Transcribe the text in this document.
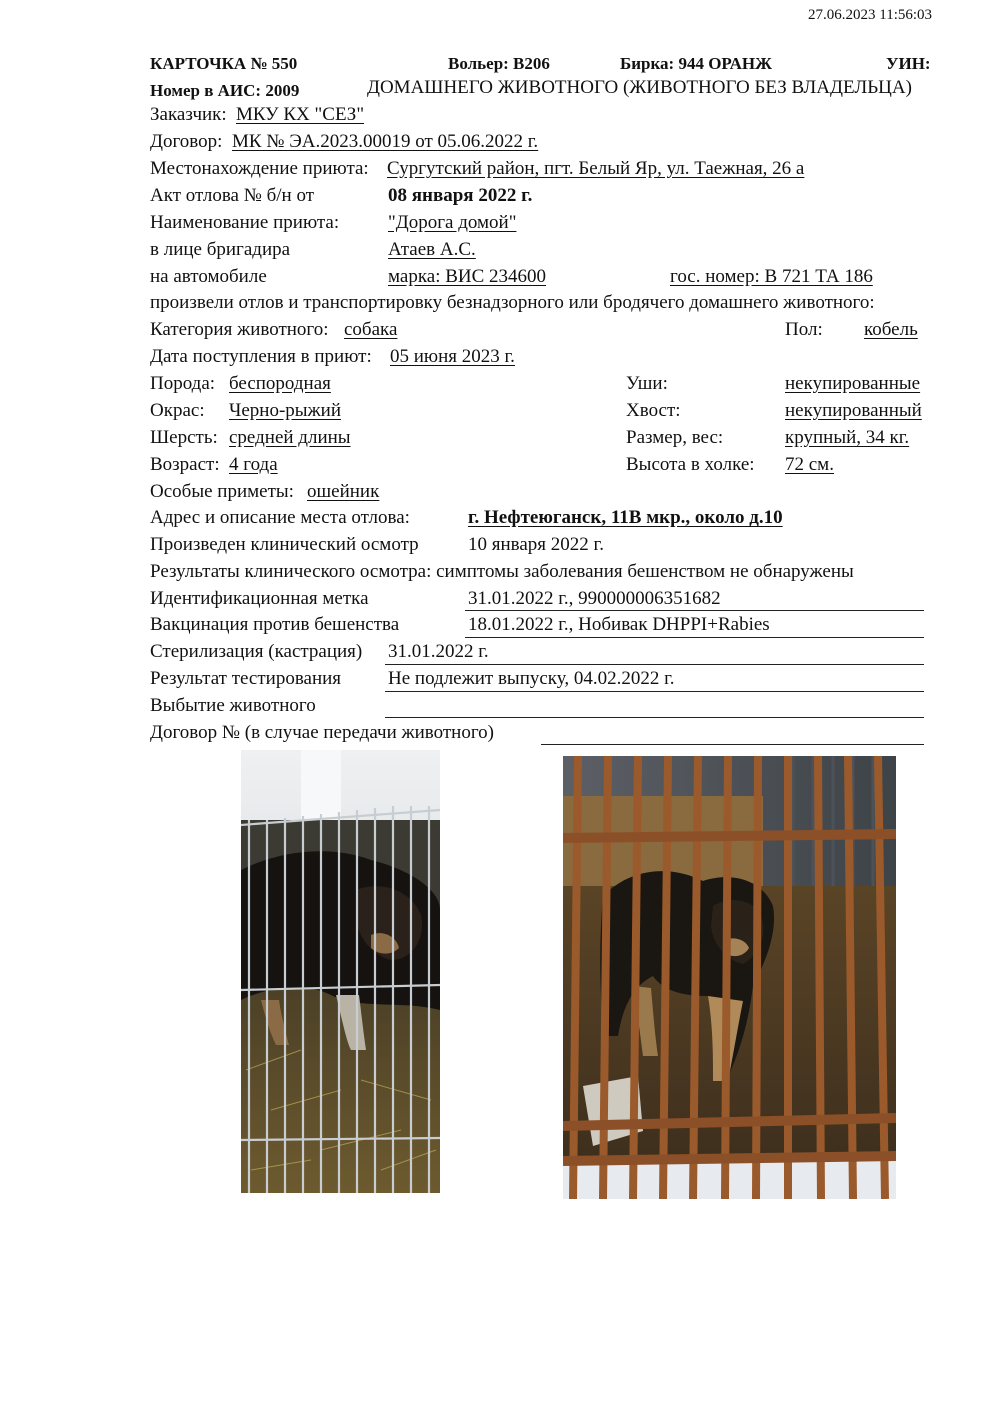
27.06.2023 11:56:03
КАРТОЧКА № 550	Вольер: В206	Бирка: 944 ОРАНЖ	УИН:
Номер в АИС: 2009	ДОМАШНЕГО ЖИВОТНОГО (ЖИВОТНОГО БЕЗ ВЛАДЕЛЬЦА)
Заказчик: МКУ КХ "СЕЗ"
Договор: МК № ЭА.2023.00019 от 05.06.2022 г.
Местонахождение приюта: Сургутский район, пгт. Белый Яр, ул. Таежная, 26 а
Акт отлова № б/н от	08 января 2022 г.
Наименование приюта:	"Дорога домой"
в лице бригадира	Атаев А.С.
на автомобиле	марка: ВИС 234600	гос. номер: В 721 ТА 186
произвели отлов и транспортировку безнадзорного или бродячего домашнего животного:
Категория животного: собака	Пол: кобель
Дата поступления в приют: 05 июня 2023 г.
Порода: беспородная	Уши:	некупированные
Окрас: Черно-рыжий	Хвост:	некупированный
Шерсть: средней длины	Размер, вес:	крупный, 34 кг.
Возраст: 4 года	Высота в холке: 72 см.
Особые приметы: ошейник
Адрес и описание места отлова:	г. Нефтеюганск, 11В мкр., около д.10
Произведен клинический осмотр	10 января 2022 г.
Результаты клинического осмотра: симптомы заболевания бешенством не обнаружены
Идентификационная метка	31.01.2022 г., 990000006351682
Вакцинация против бешенства	18.01.2022 г., Нобивак DHPPI+Rabies
Стерилизация (кастрация) 31.01.2022 г.
Результат тестирования Не подлежит выпуску, 04.02.2022 г.
Выбытие животного
Договор № (в случае передачи животного)
